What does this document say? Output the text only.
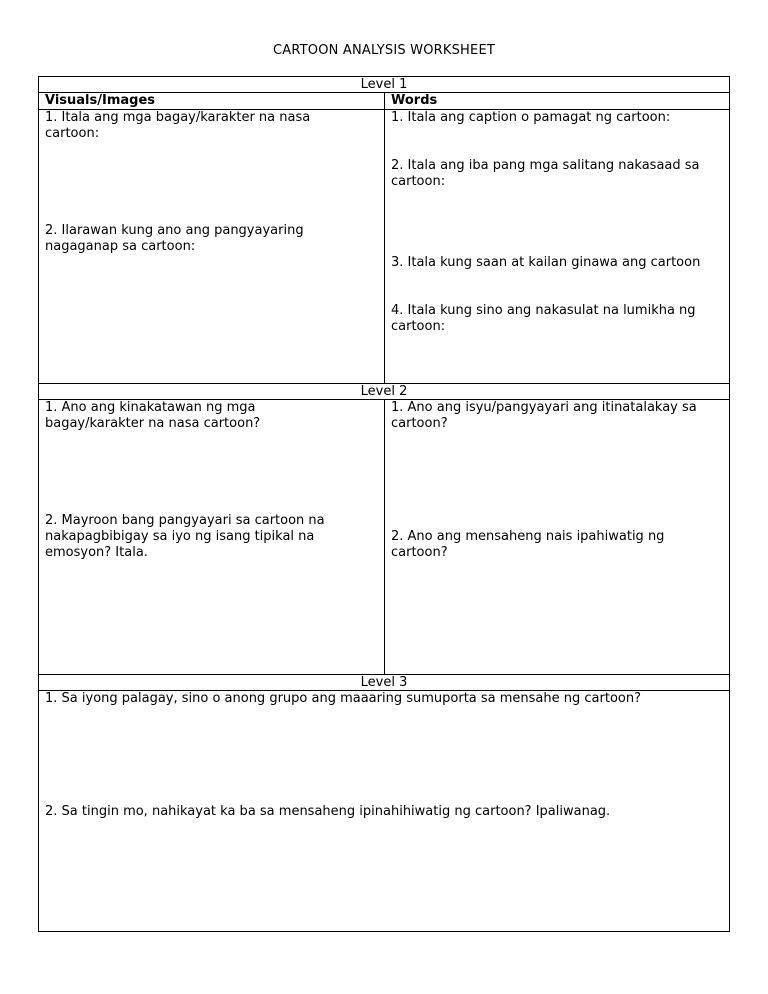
CARTOON ANALYSIS WORKSHEET
Level 1
Visuals/Images	Words
1. Itala ang mga bagay/karakter na nasa
cartoon:
2. Ilarawan kung ano ang pangyayaring
nagaganap sa cartoon:
1. Itala ang caption o pamagat ng cartoon:
2. Itala ang iba pang mga salitang nakasaad sa
cartoon:
3. Itala kung saan at kailan ginawa ang cartoon
4. Itala kung sino ang nakasulat na lumikha ng
cartoon:
Level 2
1. Ano ang kinakatawan ng mga
bagay/karakter na nasa cartoon?
2. Mayroon bang pangyayari sa cartoon na
nakapagbibigay sa iyo ng isang tipikal na
emosyon? Itala.
1. Ano ang isyu/pangyayari ang itinatalakay sa
cartoon?
2. Ano ang mensaheng nais ipahiwatig ng
cartoon?
Level 3
1. Sa iyong palagay, sino o anong grupo ang maaaring sumuporta sa mensahe ng cartoon?
2. Sa tingin mo, nahikayat ka ba sa mensaheng ipinahihiwatig ng cartoon? Ipaliwanag.
